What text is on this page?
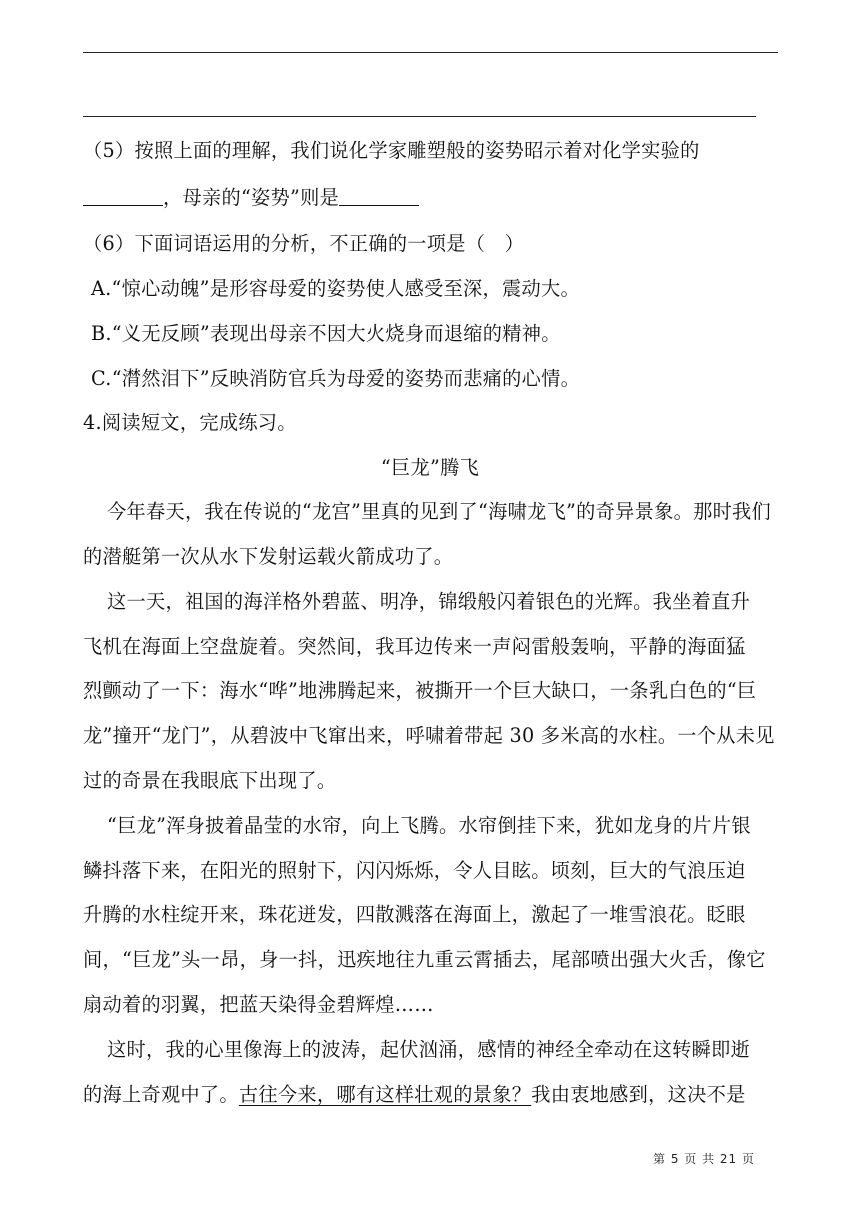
（5）按照上面的理解，我们说化学家雕塑般的姿势昭示着对化学实验的
，母亲的“姿势”则是
（6）下面词语运用的分析，不正确的一项是（　）
A.“惊心动魄”是形容母爱的姿势使人感受至深，震动大。
B.“义无反顾”表现出母亲不因大火烧身而退缩的精神。
C.“潸然泪下”反映消防官兵为母爱的姿势而悲痛的心情。
4.阅读短文，完成练习。
“巨龙”腾飞
今年春天，我在传说的“龙宫”里真的见到了“海啸龙飞”的奇异景象。那时我们
的潜艇第一次从水下发射运载火箭成功了。
这一天，祖国的海洋格外碧蓝、明净，锦缎般闪着银色的光辉。我坐着直升
飞机在海面上空盘旋着。突然间，我耳边传来一声闷雷般轰响，平静的海面猛
烈颤动了一下：海水“哗”地沸腾起来，被撕开一个巨大缺口，一条乳白色的“巨
龙”撞开“龙门”，从碧波中飞窜出来，呼啸着带起 30 多米高的水柱。一个从未见
过的奇景在我眼底下出现了。
“巨龙”浑身披着晶莹的水帘，向上飞腾。水帘倒挂下来，犹如龙身的片片银
鳞抖落下来，在阳光的照射下，闪闪烁烁，令人目眩。顷刻，巨大的气浪压迫
升腾的水柱绽开来，珠花迸发，四散溅落在海面上，激起了一堆雪浪花。眨眼
间，“巨龙”头一昂，身一抖，迅疾地往九重云霄插去，尾部喷出强大火舌，像它
扇动着的羽翼，把蓝天染得金碧辉煌……
这时，我的心里像海上的波涛，起伏汹涌，感情的神经全牵动在这转瞬即逝
的海上奇观中了。古往今来，哪有这样壮观的景象？我由衷地感到，这决不是
第 5 页 共 21 页
